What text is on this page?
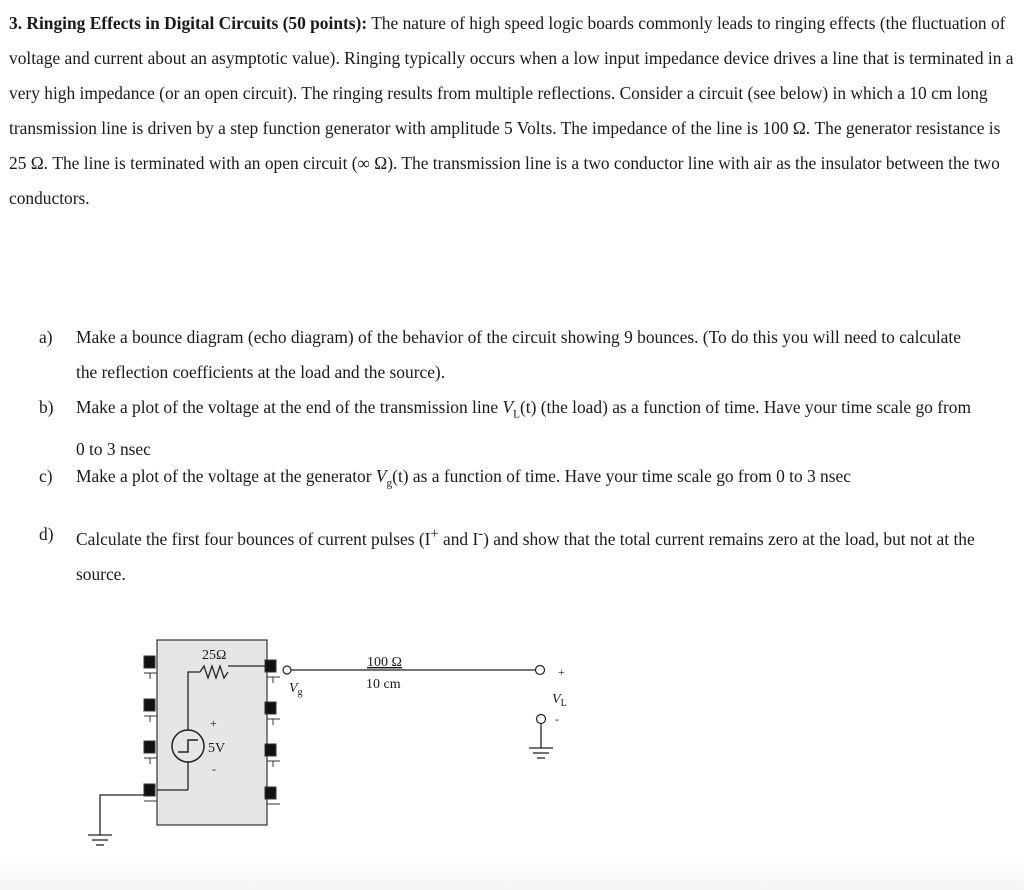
3. Ringing Effects in Digital Circuits (50 points): The nature of high speed logic boards commonly leads to ringing effects (the fluctuation of voltage and current about an asymptotic value). Ringing typically occurs when a low input impedance device drives a line that is terminated in a very high impedance (or an open circuit). The ringing results from multiple reflections. Consider a circuit (see below) in which a 10 cm long transmission line is driven by a step function generator with amplitude 5 Volts. The impedance of the line is 100 Ω. The generator resistance is 25 Ω. The line is terminated with an open circuit (∞ Ω). The transmission line is a two conductor line with air as the insulator between the two conductors.

a)	Make a bounce diagram (echo diagram) of the behavior of the circuit showing 9 bounces. (To do this you will need to calculate the reflection coefficients at the load and the source).
b)	Make a plot of the voltage at the end of the transmission line $V_L(t)$ (the load) as a function of time. Have your time scale go from 0 to 3 nsec
c)	Make a plot of the voltage at the generator $V_g(t)$ as a function of time. Have your time scale go from 0 to 3 nsec
d)	Calculate the first four bounces of current pulses (I+ and I-) and show that the total current remains zero at the load, but not at the source.
+
5V
-
25Ω
$V_g$
100 Ω
10 cm
+
$V_L$
-
